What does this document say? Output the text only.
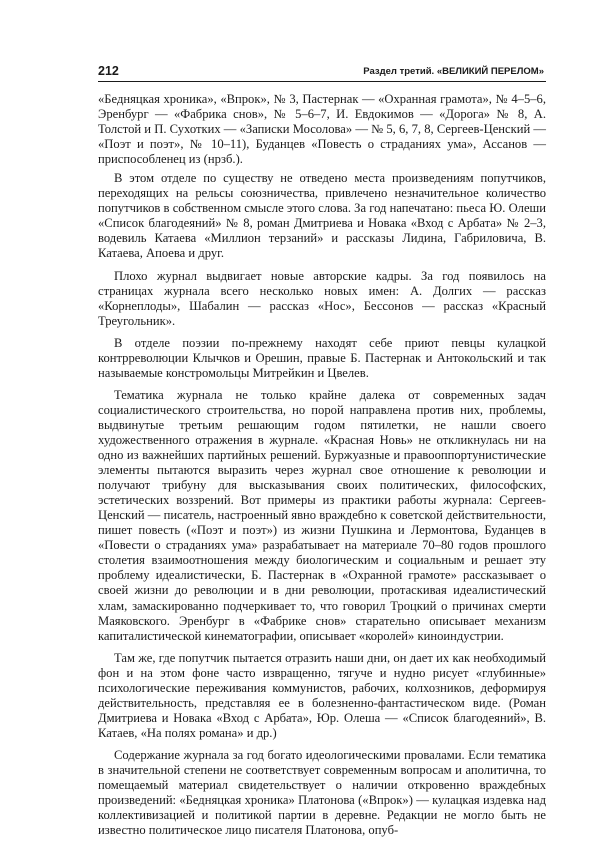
212	Раздел третий. «ВЕЛИКИЙ ПЕРЕЛОМ»

«Бедняцкая хроника», «Впрок», № 3, Пастернак — «Охранная грамота», № 4–5–6, Эренбург — «Фабрика снов», № 5–6–7, И. Евдокимов — «Дорога» № 8, А. Толстой и П. Сухотких — «Записки Мосолова» — № 5, 6, 7, 8, Сергеев-Ценский — «Поэт и поэт», № 10–11), Буданцев «Повесть о страданиях ума», Ассанов — приспособленец из (нрзб.).

В этом отделе по существу не отведено места произведениям попутчиков, переходящих на рельсы союзничества, привлечено незначительное количество попутчиков в собственном смысле этого слова. За год напечатано: пьеса Ю. Олеши «Список благодеяний» № 8, роман Дмитриева и Новака «Вход с Арбата» № 2–3, водевиль Катаева «Миллион терзаний» и рассказы Лидина, Габриловича, В. Катаева, Апоева и друг.

Плохо журнал выдвигает новые авторские кадры. За год появилось на страницах журнала всего несколько новых имен: А. Долгих — рассказ «Корнеплоды», Шабалин — рассказ «Нос», Бессонов — рассказ «Красный Треугольник».

В отделе поэзии по-прежнему находят себе приют певцы кулацкой контрреволюции Клычков и Орешин, правые Б. Пастернак и Антокольский и так называемые констромольцы Митрейкин и Цвелев.

Тематика журнала не только крайне далека от современных задач социалистического строительства, но порой направлена против них, проблемы, выдвинутые третьим решающим годом пятилетки, не нашли своего художественного отражения в журнале. «Красная Новь» не откликнулась ни на одно из важнейших партийных решений. Буржуазные и правооппортунистические элементы пытаются выразить через журнал свое отношение к революции и получают трибуну для высказывания своих политических, философских, эстетических воззрений. Вот примеры из практики работы журнала: Сергеев-Ценский — писатель, настроенный явно враждебно к советской действительности, пишет повесть («Поэт и поэт») из жизни Пушкина и Лермонтова, Буданцев в «Повести о страданиях ума» разрабатывает на материале 70–80 годов прошлого столетия взаимоотношения между биологическим и социальным и решает эту проблему идеалистически, Б. Пастернак в «Охранной грамоте» рассказывает о своей жизни до революции и в дни революции, протаскивая идеалистический хлам, замаскированно подчеркивает то, что говорил Троцкий о причинах смерти Маяковского. Эренбург в «Фабрике снов» старательно описывает механизм капиталистической кинематографии, описывает «королей» киноиндустрии.

Там же, где попутчик пытается отразить наши дни, он дает их как необходимый фон и на этом фоне часто извращенно, тягуче и нудно рисует «глубинные» психологические переживания коммунистов, рабочих, колхозников, деформируя действительность, представляя ее в болезненно-фантастическом виде. (Роман Дмитриева и Новака «Вход с Арбата», Юр. Олеша — «Список благодеяний», В. Катаев, «На полях романа» и др.)

Содержание журнала за год богато идеологическими провалами. Если тематика в значительной степени не соответствует современным вопросам и аполитична, то помещаемый материал свидетельствует о наличии откровенно враждебных произведений: «Бедняцкая хроника» Платонова («Впрок») — кулацкая издевка над коллективизацией и политикой партии в деревне. Редакции не могло быть не известно политическое лицо писателя Платонова, опуб-
